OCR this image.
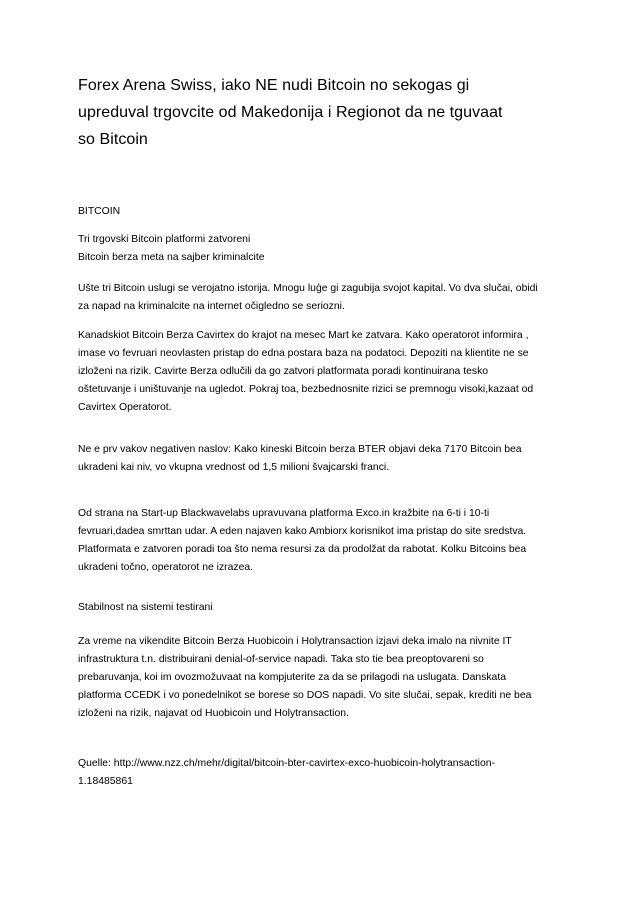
Forex Arena Swiss, iako NE nudi Bitcoin no sekogas gi
upreduval trgovcite od Makedonija i Regionot da ne tguvaat
so Bitcoin

BITCOIN

Tri trgovski Bitcoin platformi zatvoreni
Bitcoin berza meta na sajber kriminalcite

Ušte tri Bitcoin uslugi se verojatno istorija. Mnogu luģe gi zagubija svojot kapital. Vo dva slučai, obidi
za napad na kriminalcite na internet očigledno se seriozni.

Kanadskiot Bitcoin Berza Cavirtex do krajot na mesec Mart ke zatvara. Kako operatorot informira ,
imase vo fevruari neovlasten pristap do edna postara baza na podatoci. Depoziti na klientite ne se
izloženi na rizik. Cavirte Berza odlučili da go zatvori platformata poradi kontinuirana tesko
oštetuvanje i uništuvanje na ugledot. Pokraj toa, bezbednosnite rizici se premnogu visoki,kazaat od
Cavirtex Operatorot.

Ne e prv vakov negativen naslov: Kako kineski Bitcoin berza BTER objavi deka 7170 Bitcoin bea
ukradeni kai niv, vo vkupna vrednost od 1,5 milioni švajcarski franci.

Od strana na Start-up Blackwavelabs upravuvana platforma Exco.in kražbite na 6-ti i 10-ti
fevruari,dadea smrttan udar. A eden najaven kako Ambiorx korisnikot ima pristap do site sredstva.
Platformata e zatvoren poradi toa što nema resursi za da prodolžat da rabotat. Kolku Bitcoins bea
ukradeni točno, operatorot ne izrazea.

Stabilnost na sistemi testirani

Za vreme na vikendite Bitcoin Berza Huobicoin i Holytransaction izjavi deka imalo na nivnite IT
infrastruktura t.n. distribuirani denial-of-service napadi. Taka sto tie bea preoptovareni so
prebaruvanja, koi im ovozmožuvaat na kompjuterite za da se prilagodi na uslugata. Danskata
platforma CCEDK i vo ponedelnikot se borese so DOS napadi. Vo site slučai, sepak, krediti ne bea
izloženi na rizik, najavat od Huobicoin und Holytransaction.

Quelle: http://www.nzz.ch/mehr/digital/bitcoin-bter-cavirtex-exco-huobicoin-holytransaction-
1.18485861
